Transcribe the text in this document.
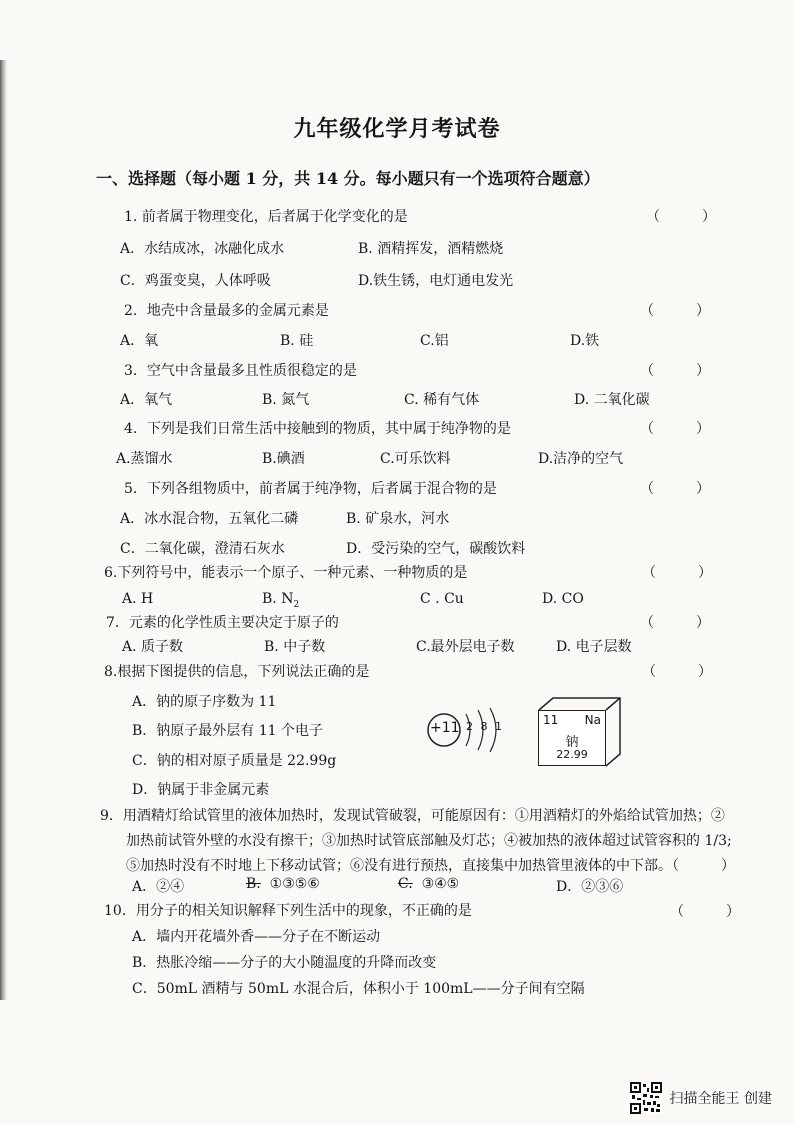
九年级化学月考试卷
一、选择题（每小题 1 分，共 14 分。每小题只有一个选项符合题意）
1. 前者属于物理变化，后者属于化学变化的是	（　　　）
A．水结成冰，冰融化成水	B. 酒精挥发，酒精燃烧
C．鸡蛋变臭，人体呼吸	D.铁生锈，电灯通电发光
2．地壳中含量最多的金属元素是	（　　　）
A．氧	B. 硅	C.铝	D.铁
3．空气中含量最多且性质很稳定的是	（　　　）
A．氧气	B. 氮气	C. 稀有气体	D. 二氧化碳
4．下列是我们日常生活中接触到的物质，其中属于纯净物的是	（　　　）
A.蒸馏水	B.碘酒	C.可乐饮料	D.洁净的空气
5．下列各组物质中，前者属于纯净物，后者属于混合物的是	（　　　）
A．冰水混合物，五氧化二磷	B. 矿泉水，河水
C．二氧化碳，澄清石灰水	D．受污染的空气，碳酸饮料
6.下列符号中，能表示一个原子、一种元素、一种物质的是	（　　　）
A. H	B. $N_2$	C . Cu	D. CO
7．元素的化学性质主要决定于原子的	（　　　）
A. 质子数	B. 中子数	C.最外层电子数	D. 电子层数
8.根据下图提供的信息，下列说法正确的是	（　　　）
A．钠的原子序数为 11
B．钠原子最外层有 11 个电子
C．钠的相对原子质量是 22.99g
D．钠属于非金属元素
+11 2 8 1	11 Na
钠
22.99
9．用酒精灯给试管里的液体加热时，发现试管破裂，可能原因有：①用酒精灯的外焰给试管加热；②
加热前试管外壁的水没有擦干；③加热时试管底部触及灯芯；④被加热的液体超过试管容积的 1/3;
⑤加热时没有不时地上下移动试管；⑥没有进行预热，直接集中加热管里液体的中下部。（　　　）
A．②④	B. ①③⑤⑥	C. ③④⑤	D．②③⑥
10．用分子的相关知识解释下列生活中的现象，不正确的是	（　　　）
A．墙内开花墙外香——分子在不断运动
B．热胀冷缩——分子的大小随温度的升降而改变
C．50mL 酒精与 50mL 水混合后，体积小于 100mL——分子间有空隔
扫描全能王 创建
